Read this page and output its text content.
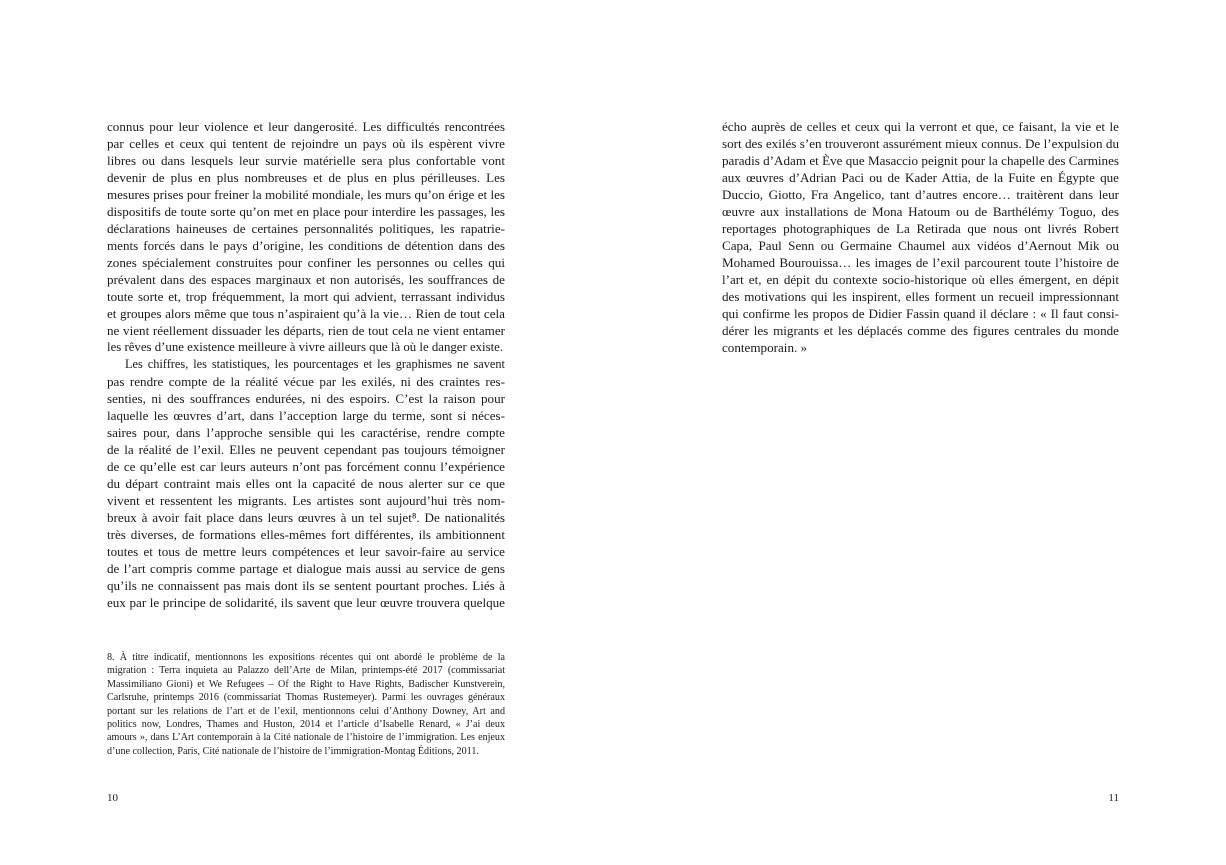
connus pour leur violence et leur dangerosité. Les difficultés rencontrées
par celles et ceux qui tentent de rejoindre un pays où ils espèrent vivre
libres ou dans lesquels leur survie matérielle sera plus confortable vont
devenir de plus en plus nombreuses et de plus en plus périlleuses. Les
mesures prises pour freiner la mobilité mondiale, les murs qu’on érige et les
dispositifs de toute sorte qu’on met en place pour interdire les passages, les
déclarations haineuses de certaines personnalités politiques, les rapatrie-
ments forcés dans le pays d’origine, les conditions de détention dans des
zones spécialement construites pour confiner les personnes ou celles qui
prévalent dans des espaces marginaux et non autorisés, les souffrances de
toute sorte et, trop fréquemment, la mort qui advient, terrassant individus
et groupes alors même que tous n’aspiraient qu’à la vie… Rien de tout cela
ne vient réellement dissuader les départs, rien de tout cela ne vient entamer
les rêves d’une existence meilleure à vivre ailleurs que là où le danger existe.
Les chiffres, les statistiques, les pourcentages et les graphismes ne savent
pas rendre compte de la réalité vécue par les exilés, ni des craintes res-
senties, ni des souffrances endurées, ni des espoirs. C’est la raison pour
laquelle les œuvres d’art, dans l’acception large du terme, sont si néces-
saires pour, dans l’approche sensible qui les caractérise, rendre compte
de la réalité de l’exil. Elles ne peuvent cependant pas toujours témoigner
de ce qu’elle est car leurs auteurs n’ont pas forcément connu l’expérience
du départ contraint mais elles ont la capacité de nous alerter sur ce que
vivent et ressentent les migrants. Les artistes sont aujourd’hui très nom-
breux à avoir fait place dans leurs œuvres à un tel sujet⁸. De nationalités
très diverses, de formations elles-mêmes fort différentes, ils ambitionnent
toutes et tous de mettre leurs compétences et leur savoir-faire au service
de l’art compris comme partage et dialogue mais aussi au service de gens
qu’ils ne connaissent pas mais dont ils se sentent pourtant proches. Liés à
eux par le principe de solidarité, ils savent que leur œuvre trouvera quelque
8. À titre indicatif, mentionnons les expositions récentes qui ont abordé le problème de la
migration : Terra inquieta au Palazzo dell’Arte de Milan, printemps-été 2017 (commissariat
Massimiliano Gioni) et We Refugees – Of the Right to Have Rights, Badischer Kunstverein,
Carlsruhe, printemps 2016 (commissariat Thomas Rustemeyer). Parmi les ouvrages généraux
portant sur les relations de l’art et de l’exil, mentionnons celui d’Anthony Downey, Art and
politics now, Londres, Thames and Huston, 2014 et l’article d’Isabelle Renard, « J’ai deux
amours », dans L’Art contemporain à la Cité nationale de l’histoire de l’immigration. Les enjeux
d’une collection, Paris, Cité nationale de l’histoire de l’immigration-Montag Éditions, 2011.
10
écho auprès de celles et ceux qui la verront et que, ce faisant, la vie et le
sort des exilés s’en trouveront assurément mieux connus. De l’expulsion du
paradis d’Adam et Ève que Masaccio peignit pour la chapelle des Carmines
aux œuvres d’Adrian Paci ou de Kader Attia, de la Fuite en Égypte que
Duccio, Giotto, Fra Angelico, tant d’autres encore… traitèrent dans leur
œuvre aux installations de Mona Hatoum ou de Barthélémy Toguo, des
reportages photographiques de La Retirada que nous ont livrés Robert
Capa, Paul Senn ou Germaine Chaumel aux vidéos d’Aernout Mik ou
Mohamed Bourouissa… les images de l’exil parcourent toute l’histoire de
l’art et, en dépit du contexte socio-historique où elles émergent, en dépit
des motivations qui les inspirent, elles forment un recueil impressionnant
qui confirme les propos de Didier Fassin quand il déclare : « Il faut consi-
dérer les migrants et les déplacés comme des figures centrales du monde
contemporain. »
11
